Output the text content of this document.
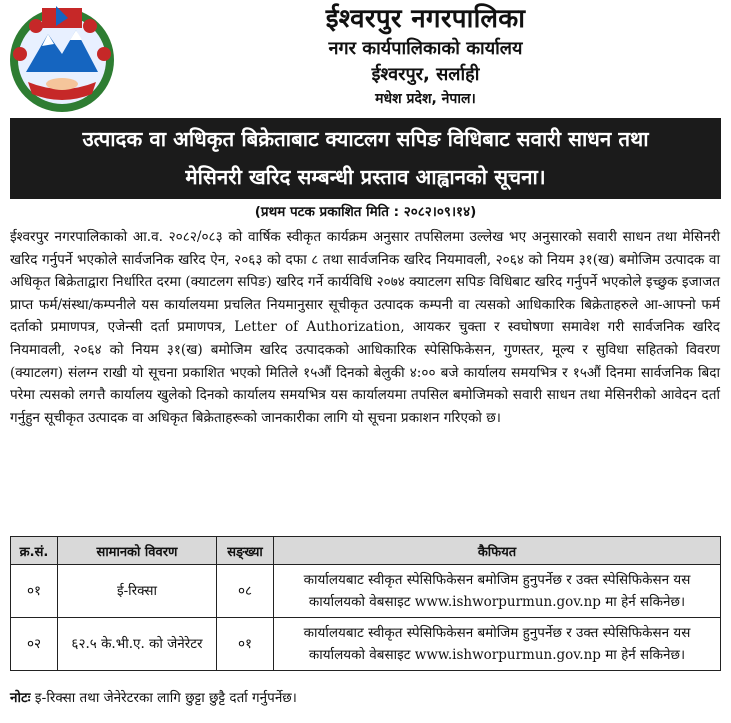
ईश्वरपुर नगरपालिका
नगर कार्यपालिकाको कार्यालय
ईश्वरपुर, सर्लाही
मधेश प्रदेश, नेपाल।
उत्पादक वा अधिकृत बिक्रेताबाट क्याटलग सपिङ विधिबाट सवारी साधन तथा
मेसिनरी खरिद सम्बन्धी प्रस्ताव आह्वानको सूचना।
(प्रथम पटक प्रकाशित मिति : २०८२।०९।१४)
ईश्वरपुर नगरपालिकाको आ.व. २०८२/०८३ को वार्षिक स्वीकृत कार्यक्रम अनुसार तपसिलमा उल्लेख भए अनुसारको सवारी साधन तथा मेसिनरी खरिद गर्नुपर्ने भएकोले सार्वजनिक खरिद ऐन, २०६३ को दफा ८ तथा सार्वजनिक खरिद नियमावली, २०६४ को नियम ३१(ख) बमोजिम उत्पादक वा अधिकृत बिक्रेताद्वारा निर्धारित दरमा (क्याटलग सपिङ) खरिद गर्ने कार्यविधि २०७४ क्याटलग सपिङ विधिबाट खरिद गर्नुपर्ने भएकोले इच्छुक इजाजत प्राप्त फर्म/संस्था/कम्पनीले यस कार्यालयमा प्रचलित नियमानुसार सूचीकृत उत्पादक कम्पनी वा त्यसको आधिकारिक बिक्रेताहरुले आ-आफ्नो फर्म दर्ताको प्रमाणपत्र, एजेन्सी दर्ता प्रमाणपत्र, Letter of Authorization, आयकर चुक्ता र स्वघोषणा समावेश गरी सार्वजनिक खरिद नियमावली, २०६४ को नियम ३१(ख) बमोजिम खरिद उत्पादकको आधिकारिक स्पेसिफिकेसन, गुणस्तर, मूल्य र सुविधा सहितको विवरण (क्याटलग) संलग्न राखी यो सूचना प्रकाशित भएको मितिले १५औं दिनको बेलुकी ४:०० बजे कार्यालय समयभित्र र १५औं दिनमा सार्वजनिक बिदा परेमा त्यसको लगत्तै कार्यालय खुलेको दिनको कार्यालय समयभित्र यस कार्यालयमा तपसिल बमोजिमको सवारी साधन तथा मेसिनरीको आवेदन दर्ता गर्नुहुन सूचीकृत उत्पादक वा अधिकृत बिक्रेताहरूको जानकारीका लागि यो सूचना प्रकाशन गरिएको छ।
क्र.सं.	सामानको विवरण	सङ्ख्या	कैफियत
०१	ई-रिक्सा	०८	कार्यालयबाट स्वीकृत स्पेसिफिकेसन बमोजिम हुनुपर्नेछ र उक्त स्पेसिफिकेसन यस कार्यालयको वेबसाइट www.ishworpurmun.gov.np मा हेर्न सकिनेछ।
०२	६२.५ के.भी.ए. को जेनेरेटर	०१	कार्यालयबाट स्वीकृत स्पेसिफिकेसन बमोजिम हुनुपर्नेछ र उक्त स्पेसिफिकेसन यस कार्यालयको वेबसाइट www.ishworpurmun.gov.np मा हेर्न सकिनेछ।
नोटः इ-रिक्सा तथा जेनेरेटरका लागि छुट्टा छुट्टै दर्ता गर्नुपर्नेछ।
